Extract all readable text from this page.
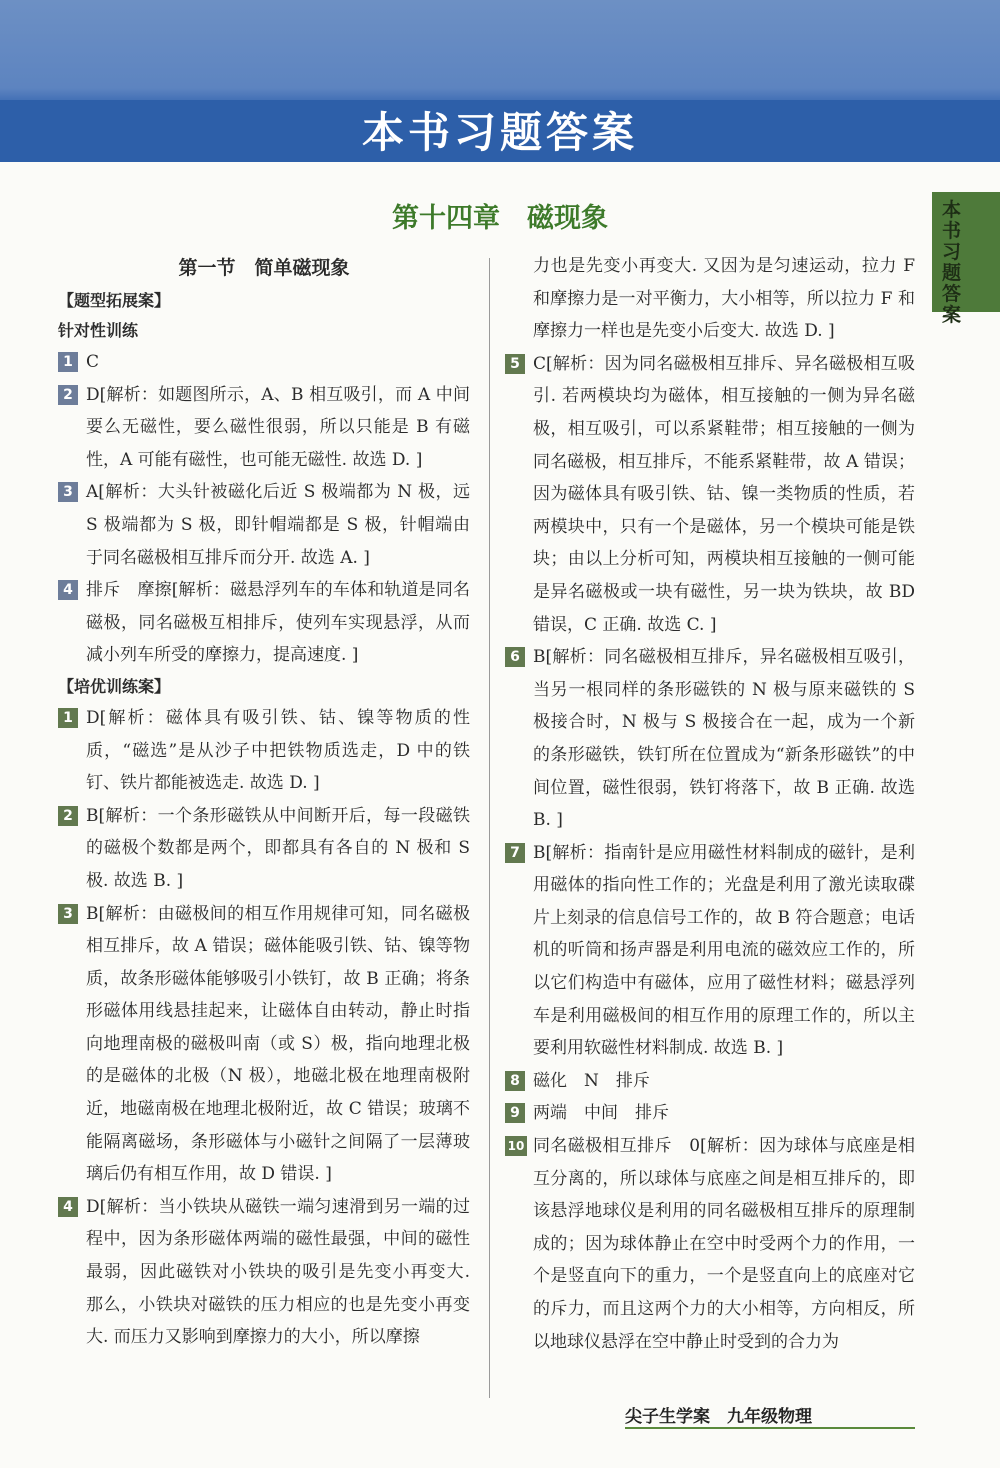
本书习题答案
本书习题答案
第十四章　磁现象
第一节　简单磁现象
【题型拓展案】
针对性训练
1 C
2 D[解析：如题图所示，A、B 相互吸引，而 A 中间要么无磁性，要么磁性很弱，所以只能是 B 有磁性，A 可能有磁性，也可能无磁性. 故选 D. ]
3 A[解析：大头针被磁化后近 S 极端都为 N 极，远 S 极端都为 S 极，即针帽端都是 S 极，针帽端由于同名磁极相互排斥而分开. 故选 A. ]
4 排斥　摩擦[解析：磁悬浮列车的车体和轨道是同名磁极，同名磁极互相排斥，使列车实现悬浮，从而减小列车所受的摩擦力，提高速度. ]
【培优训练案】
1 D[解析：磁体具有吸引铁、钴、镍等物质的性质，“磁选”是从沙子中把铁物质选走，D 中的铁钉、铁片都能被选走. 故选 D. ]
2 B[解析：一个条形磁铁从中间断开后，每一段磁铁的磁极个数都是两个，即都具有各自的 N 极和 S 极. 故选 B. ]
3 B[解析：由磁极间的相互作用规律可知，同名磁极相互排斥，故 A 错误；磁体能吸引铁、钴、镍等物质，故条形磁体能够吸引小铁钉，故 B 正确；将条形磁体用线悬挂起来，让磁体自由转动，静止时指向地理南极的磁极叫南（或 S）极，指向地理北极的是磁体的北极（N 极），地磁北极在地理南极附近，地磁南极在地理北极附近，故 C 错误；玻璃不能隔离磁场，条形磁体与小磁针之间隔了一层薄玻璃后仍有相互作用，故 D 错误. ]
4 D[解析：当小铁块从磁铁一端匀速滑到另一端的过程中，因为条形磁体两端的磁性最强，中间的磁性最弱，因此磁铁对小铁块的吸引是先变小再变大. 那么，小铁块对磁铁的压力相应的也是先变小再变大. 而压力又影响到摩擦力的大小，所以摩擦
力也是先变小再变大. 又因为是匀速运动，拉力 F 和摩擦力是一对平衡力，大小相等，所以拉力 F 和摩擦力一样也是先变小后变大. 故选 D. ]
5 C[解析：因为同名磁极相互排斥、异名磁极相互吸引. 若两模块均为磁体，相互接触的一侧为异名磁极，相互吸引，可以系紧鞋带；相互接触的一侧为同名磁极，相互排斥，不能系紧鞋带，故 A 错误；因为磁体具有吸引铁、钴、镍一类物质的性质，若两模块中，只有一个是磁体，另一个模块可能是铁块；由以上分析可知，两模块相互接触的一侧可能是异名磁极或一块有磁性，另一块为铁块，故 BD 错误，C 正确. 故选 C. ]
6 B[解析：同名磁极相互排斥，异名磁极相互吸引，当另一根同样的条形磁铁的 N 极与原来磁铁的 S 极接合时，N 极与 S 极接合在一起，成为一个新的条形磁铁，铁钉所在位置成为“新条形磁铁”的中间位置，磁性很弱，铁钉将落下，故 B 正确. 故选 B. ]
7 B[解析：指南针是应用磁性材料制成的磁针，是利用磁体的指向性工作的；光盘是利用了激光读取碟片上刻录的信息信号工作的，故 B 符合题意；电话机的听筒和扬声器是利用电流的磁效应工作的，所以它们构造中有磁体，应用了磁性材料；磁悬浮列车是利用磁极间的相互作用的原理工作的，所以主要利用软磁性材料制成. 故选 B. ]
8 磁化　N　排斥
9 两端　中间　排斥
10 同名磁极相互排斥　0[解析：因为球体与底座是相互分离的，所以球体与底座之间是相互排斥的，即该悬浮地球仪是利用的同名磁极相互排斥的原理制成的；因为球体静止在空中时受两个力的作用，一个是竖直向下的重力，一个是竖直向上的底座对它的斥力，而且这两个力的大小相等，方向相反，所以地球仪悬浮在空中静止时受到的合力为
尖子生学案　九年级物理
